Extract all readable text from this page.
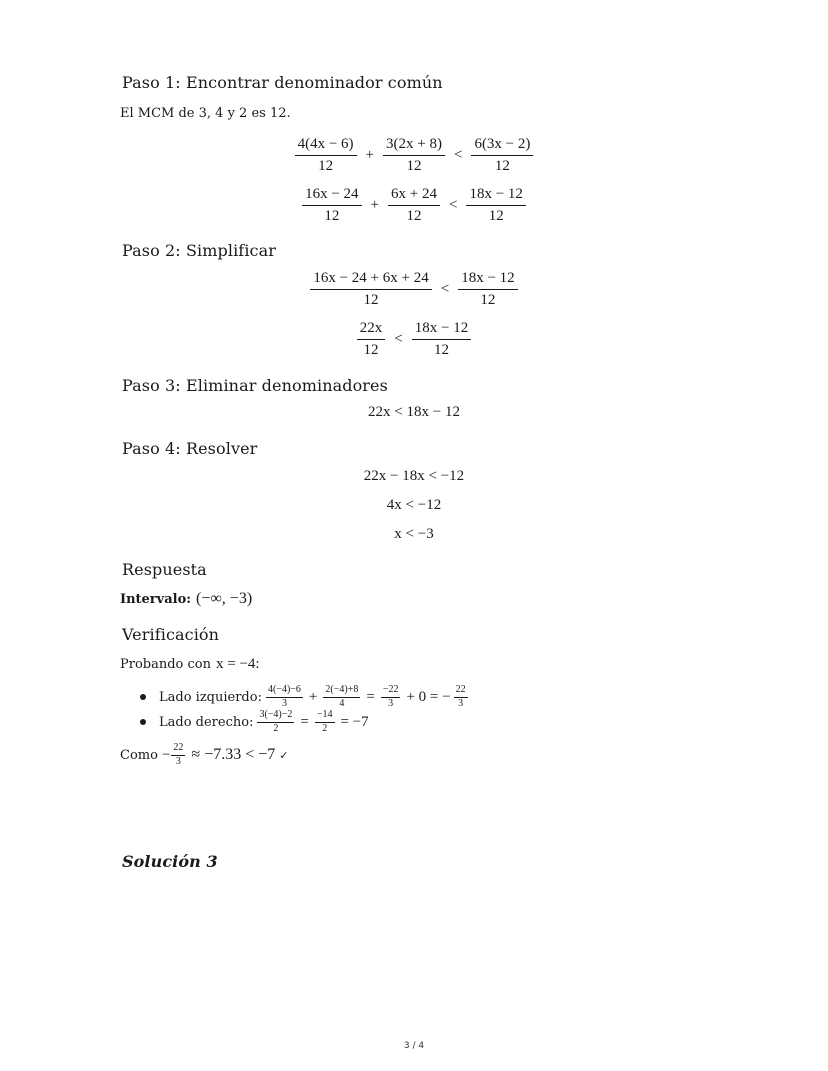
Paso 1: Encontrar denominador común
El MCM de 3, 4 y 2 es 12.
$\frac{4(4x - 6)}{12} + \frac{3(2x + 8)}{12} < \frac{6(3x - 2)}{12}$
$\frac{16x - 24}{12} + \frac{6x + 24}{12} < \frac{18x - 12}{12}$
Paso 2: Simplificar
$\frac{16x - 24 + 6x + 24}{12} < \frac{18x - 12}{12}$
$\frac{22x}{12} < \frac{18x - 12}{12}$
Paso 3: Eliminar denominadores
22x < 18x − 12
Paso 4: Resolver
22x − 18x < −12
4x < −12
x < −3
Respuesta
Intervalo: (−∞, −3)
Verificación
Probando con x = −4:
Lado izquierdo: $\frac{4(-4)-6}{3} + \frac{2(-4)+8}{4} = \frac{-22}{3} + 0$ = − $\frac{22}{3}$
Lado derecho: $\frac{3(-4)-2}{2} = \frac{-14}{2} = -7$
Como − $\frac{22}{3} \approx -7.33 < -7$ ✓
Solución 3
3 / 4
